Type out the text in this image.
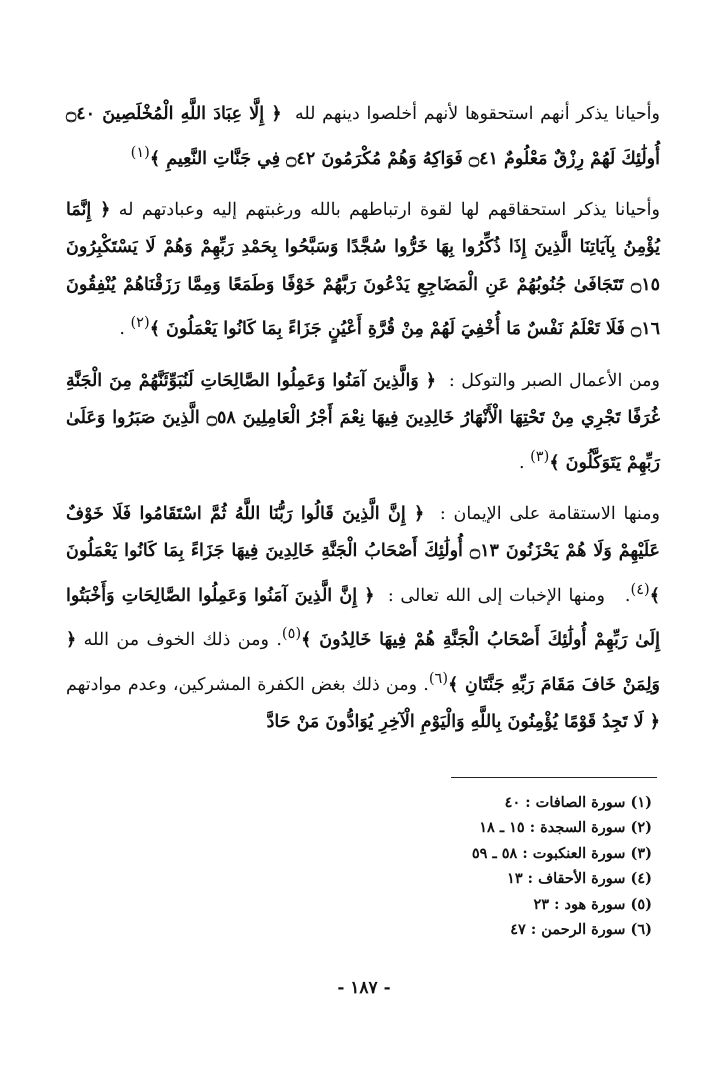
وأحيانا يذكر أنهم استحقوها لأنهم أخلصوا دينهم لله  ﴿ إِلَّا عِبَادَ اللَّهِ الْمُخْلَصِينَ ۝٤٠ أُولَٰئِكَ لَهُمْ رِزْقٌ مَعْلُومٌ ۝٤١ فَوَاكِهُ وَهُمْ مُكْرَمُونَ ۝٤٢ فِي جَنَّاتِ النَّعِيمِ ﴾$^{(١)}$

وأحيانا يذكر استحقاقهم لها لقوة ارتباطهم بالله ورغبتهم إليه وعبادتهم له ﴿ إِنَّمَا يُؤْمِنُ بِآيَاتِنَا الَّذِينَ إِذَا ذُكِّرُوا بِهَا خَرُّوا سُجَّدًا وَسَبَّحُوا بِحَمْدِ رَبِّهِمْ وَهُمْ لَا يَسْتَكْبِرُونَ ۝١٥ تَتَجَافَىٰ جُنُوبُهُمْ عَنِ الْمَضَاجِعِ يَدْعُونَ رَبَّهُمْ خَوْفًا وَطَمَعًا وَمِمَّا رَزَقْنَاهُمْ يُنْفِقُونَ ۝١٦ فَلَا تَعْلَمُ نَفْسٌ مَا أُخْفِيَ لَهُمْ مِنْ قُرَّةِ أَعْيُنٍ جَزَاءً بِمَا كَانُوا يَعْمَلُونَ ﴾$^{(٢)}$ .

ومن الأعمال الصبر والتوكل :  ﴿ وَالَّذِينَ آمَنُوا وَعَمِلُوا الصَّالِحَاتِ لَنُبَوِّئَنَّهُمْ مِنَ الْجَنَّةِ غُرَفًا تَجْرِي مِنْ تَحْتِهَا الْأَنْهَارُ خَالِدِينَ فِيهَا نِعْمَ أَجْرُ الْعَامِلِينَ ۝٥٨ الَّذِينَ صَبَرُوا وَعَلَىٰ رَبِّهِمْ يَتَوَكَّلُونَ ﴾$^{(٣)}$ .

ومنها الاستقامة على الإيمان :  ﴿ إِنَّ الَّذِينَ قَالُوا رَبُّنَا اللَّهُ ثُمَّ اسْتَقَامُوا فَلَا خَوْفٌ عَلَيْهِمْ وَلَا هُمْ يَحْزَنُونَ ۝١٣ أُولَٰئِكَ أَصْحَابُ الْجَنَّةِ خَالِدِينَ فِيهَا جَزَاءً بِمَا كَانُوا يَعْمَلُونَ ﴾$^{(٤)}$.   ومنها الإخبات إلى الله تعالى :  ﴿ إِنَّ الَّذِينَ آمَنُوا وَعَمِلُوا الصَّالِحَاتِ وَأَخْبَتُوا إِلَىٰ رَبِّهِمْ أُولَٰئِكَ أَصْحَابُ الْجَنَّةِ هُمْ فِيهَا خَالِدُونَ ﴾$^{(٥)}$. ومن ذلك الخوف من الله ﴿ وَلِمَنْ خَافَ مَقَامَ رَبِّهِ جَنَّتَانِ ﴾$^{(٦)}$. ومن ذلك بغض الكفرة المشركين، وعدم موادتهم ﴿ لَا تَجِدُ قَوْمًا يُؤْمِنُونَ بِاللَّهِ وَالْيَوْمِ الْآخِرِ يُوَادُّونَ مَنْ حَادَّ

(١) سورة الصافات : ٤٠
(٢) سورة السجدة : ١٥ ـ ١٨
(٣) سورة العنكبوت : ٥٨ ـ ٥٩
(٤) سورة الأحقاف : ١٣
(٥) سورة هود : ٢٣
(٦) سورة الرحمن : ٤٧
- ١٨٧ -
